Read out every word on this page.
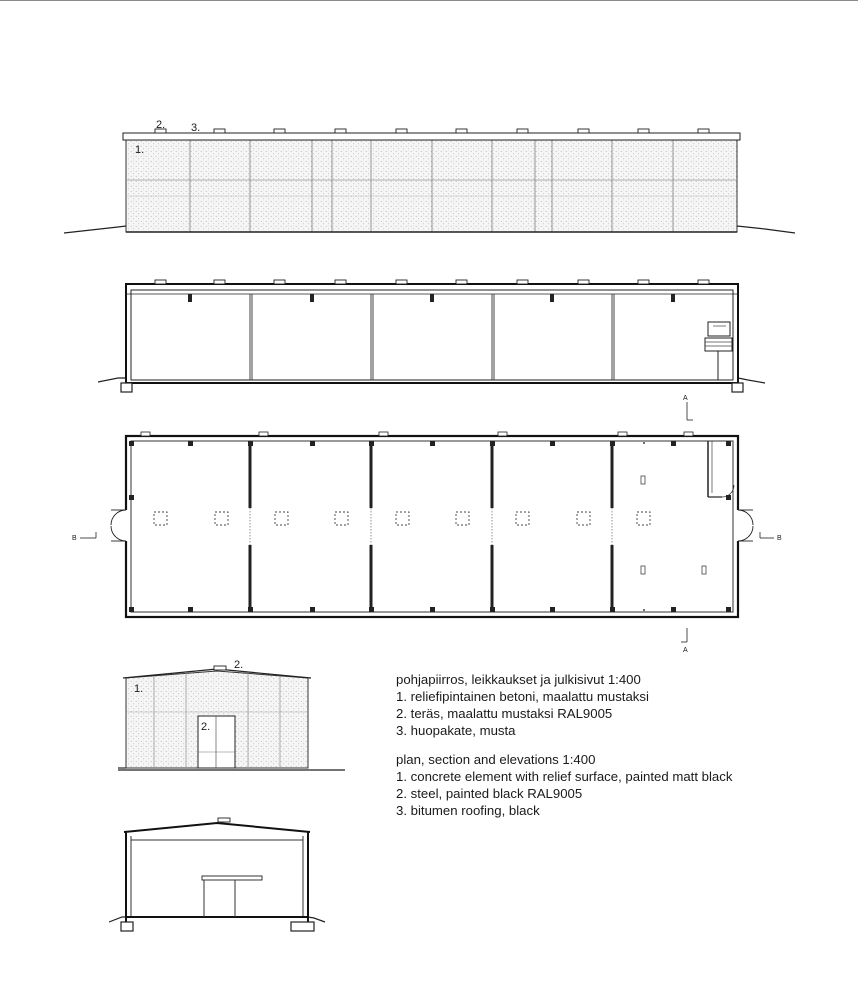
2. 3.
1.
A
B	B
A
2.
1.
2.
pohjapiirros, leikkaukset ja julkisivut 1:400
1. reliefipintainen betoni, maalattu mustaksi
2. teräs, maalattu mustaksi RAL9005
3. huopakate, musta
plan, section and elevations 1:400
1. concrete element with relief surface, painted matt black
2. steel, painted black RAL9005
3. bitumen roofing, black
